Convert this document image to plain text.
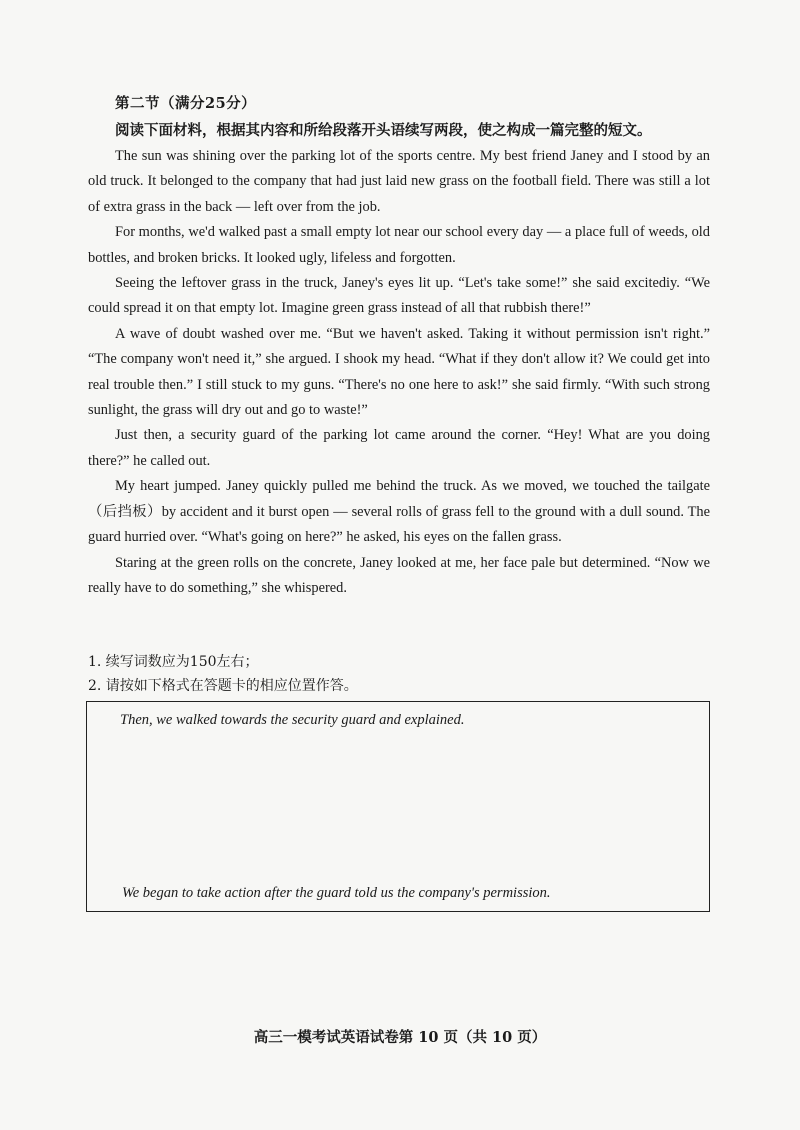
第二节（满分25分）
阅读下面材料，根据其内容和所给段落开头语续写两段，使之构成一篇完整的短文。

The sun was shining over the parking lot of the sports centre. My best friend Janey and I stood by an old truck. It belonged to the company that had just laid new grass on the football field. There was still a lot of extra grass in the back — left over from the job.

For months, we'd walked past a small empty lot near our school every day — a place full of weeds, old bottles, and broken bricks. It looked ugly, lifeless and forgotten.

Seeing the leftover grass in the truck, Janey's eyes lit up. “Let's take some!” she said excitediy. “We could spread it on that empty lot. Imagine green grass instead of all that rubbish there!”

A wave of doubt washed over me. “But we haven't asked. Taking it without permission isn't right.” “The company won't need it,” she argued. I shook my head. “What if they don't allow it? We could get into real trouble then.” I still stuck to my guns. “There's no one here to ask!” she said firmly. “With such strong sunlight, the grass will dry out and go to waste!”

Just then, a security guard of the parking lot came around the corner. “Hey! What are you doing there?” he called out.

My heart jumped. Janey quickly pulled me behind the truck. As we moved, we touched the tailgate（后挡板）by accident and it burst open — several rolls of grass fell to the ground with a dull sound. The guard hurried over. “What's going on here?” he asked, his eyes on the fallen grass.

Staring at the green rolls on the concrete, Janey looked at me, her face pale but determined. “Now we really have to do something,” she whispered.

1. 续写词数应为150左右；
2. 请按如下格式在答题卡的相应位置作答。
Then, we walked towards the security guard and explained.
We began to take action after the guard told us the company's permission.
高三一模考试英语试卷第 10 页（共 10 页）
